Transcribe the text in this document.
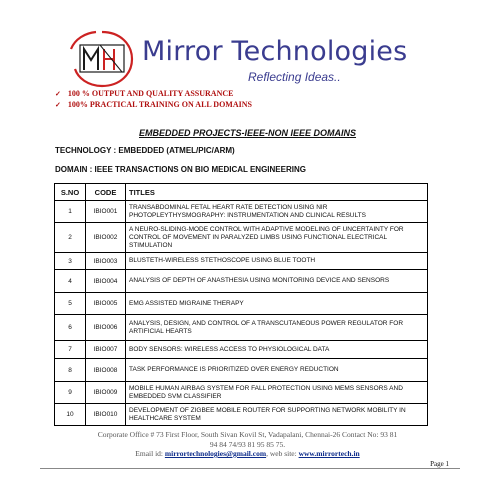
Mirror Technologies
Reflecting Ideas..
✓ 100 % OUTPUT AND QUALITY ASSURANCE
✓ 100% PRACTICAL TRAINING ON ALL DOMAINS
EMBEDDED PROJECTS-IEEE-NON IEEE DOMAINS
TECHNOLOGY : EMBEDDED (ATMEL/PIC/ARM)
DOMAIN : IEEE TRANSACTIONS ON BIO MEDICAL ENGINEERING
S.NO	CODE	TITLES
1	IBIO001	TRANSABDOMINAL FETAL HEART RATE DETECTION USING NIR PHOTOPLEYTHYSMOGRAPHY: INSTRUMENTATION AND CLINICAL RESULTS
2	IBIO002	A NEURO-SLIDING-MODE CONTROL WITH ADAPTIVE MODELING OF UNCERTAINTY FOR CONTROL OF MOVEMENT IN PARALYZED LIMBS USING FUNCTIONAL ELECTRICAL STIMULATION
3	IBIO003	BLUSTETH-WIRELESS STETHOSCOPE USING BLUE TOOTH
4	IBIO004	ANALYSIS OF DEPTH OF ANASTHESIA USING MONITORING DEVICE AND SENSORS
5	IBIO005	EMG ASSISTED MIGRAINE THERAPY
6	IBIO006	ANALYSIS, DESIGN, AND CONTROL OF A TRANSCUTANEOUS POWER REGULATOR FOR ARTIFICIAL HEARTS
7	IBIO007	BODY SENSORS: WIRELESS ACCESS TO PHYSIOLOGICAL DATA
8	IBIO008	TASK PERFORMANCE IS PRIORITIZED OVER ENERGY REDUCTION
9	IBIO009	MOBILE HUMAN AIRBAG SYSTEM FOR FALL PROTECTION USING MEMS SENSORS AND EMBEDDED SVM CLASSIFIER
10	IBIO010	DEVELOPMENT OF ZIGBEE MOBILE ROUTER FOR SUPPORTING NETWORK MOBILITY IN HEALTHCARE SYSTEM
Corporate Office # 73 First Floor, South Sivan Kovil St, Vadapalani, Chennai-26 Contact No: 93 81
94 84 74/93 81 95 85 75.
Email id: mirrortechnologies@gmail.com, web site: www.mirrortech.in
Page 1
